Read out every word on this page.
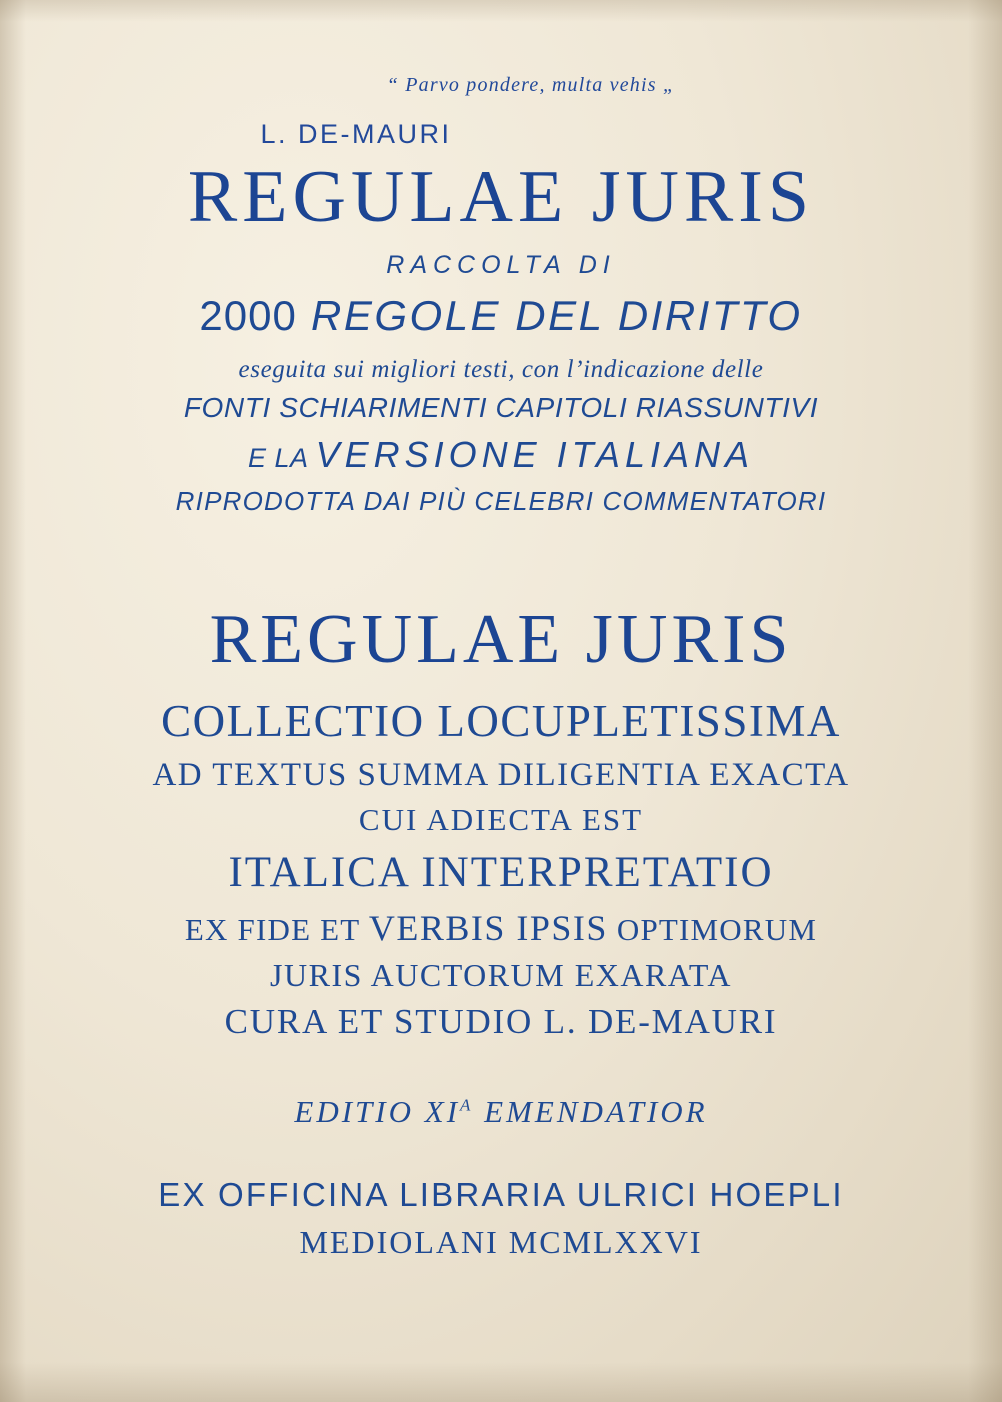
“ Parvo pondere, multa vehis „
L. DE-MAURI
REGULAE JURIS
RACCOLTA DI
2000 REGOLE DEL DIRITTO
eseguita sui migliori testi, con l’indicazione delle
FONTI SCHIARIMENTI CAPITOLI RIASSUNTIVI
E LA VERSIONE ITALIANA
RIPRODOTTA DAI PIÙ CELEBRI COMMENTATORI
REGULAE JURIS
COLLECTIO LOCUPLETISSIMA
AD TEXTUS SUMMA DILIGENTIA EXACTA
CUI ADIECTA EST
ITALICA INTERPRETATIO
EX FIDE ET VERBIS IPSIS OPTIMORUM
JURIS AUCTORUM EXARATA
CURA ET STUDIO L. DE-MAURI
EDITIO $XI^A$ EMENDATIOR
EX OFFICINA LIBRARIA ULRICI HOEPLI
MEDIOLANI MCMLXXVI
